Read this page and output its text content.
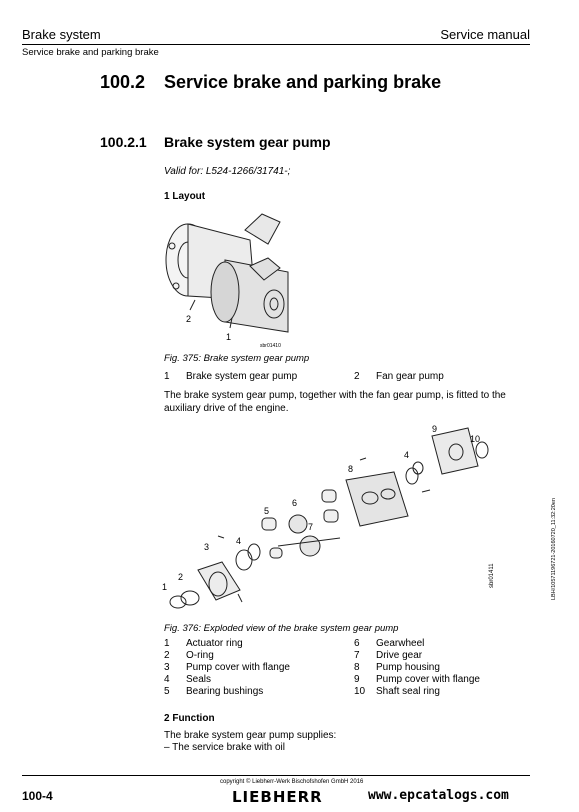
Brake system	Service manual
Service brake and parking brake
100.2 Service brake and parking brake
100.2.1 Brake system gear pump
Valid for: L524-1266/31741-;
1 Layout
2
1
sbr01410
Fig. 375: Brake system gear pump
1 Brake system gear pump	2 Fan gear pump
The brake system gear pump, together with the fan gear pump, is fitted to the auxiliary drive of the engine.
1
2
3
4
5
6
7
8
4
9
10
sbr01411
Fig. 376: Exploded view of the brake system gear pump
1 Actuator ring	6 Gearwheel
2 O-ring	7 Drive gear
3 Pump cover with flange	8 Pump housing
4 Seals	9 Pump cover with flange
5 Bearing bushings	10 Shaft seal ring
2 Function
The brake system gear pump supplies:
– The service brake with oil
LBH/10571196721-20160720_11:32:20en
100-4
copyright © Liebherr-Werk Bischofshofen GmbH 2016
LIEBHERR	www.epcatalogs.com
